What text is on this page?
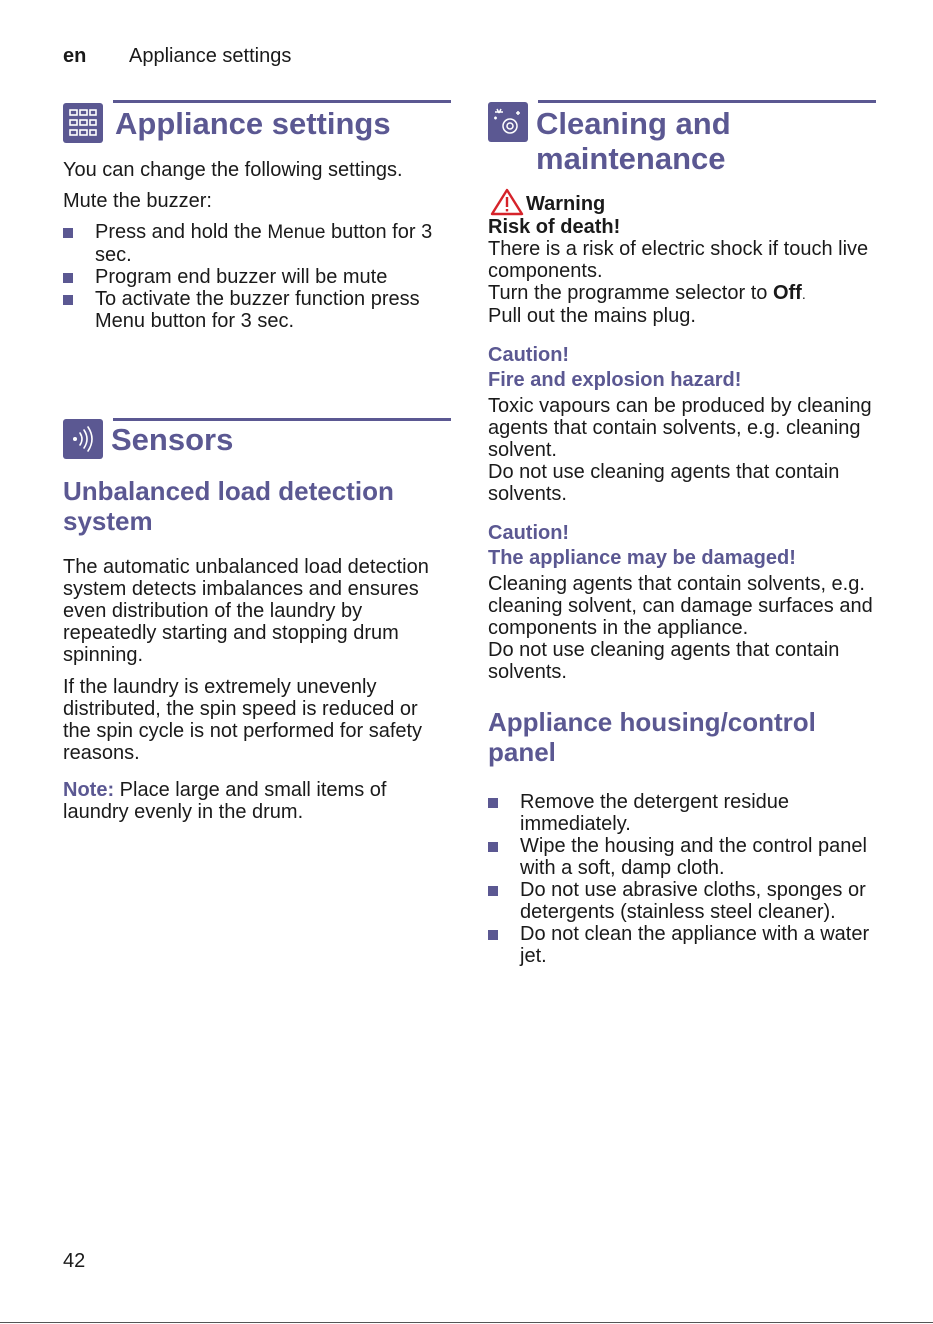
en Appliance settings
Appliance settings

You can change the following settings.

Mute the buzzer:

Press and hold the Menue button for 3 sec.
Program end buzzer will be mute
To activate the buzzer function press Menu button for 3 sec.
Sensors
Unbalanced load detection system

The automatic unbalanced load detection system detects imbalances and ensures even distribution of the laundry by repeatedly starting and stopping drum spinning.

If the laundry is extremely unevenly distributed, the spin speed is reduced or the spin cycle is not performed for safety reasons.

Note: Place large and small items of laundry evenly in the drum.

Cleaning and
maintenance
Warning

Risk of death!

There is a risk of electric shock if touch live components.

Turn the programme selector to Off.

Pull out the mains plug.

Caution!
Fire and explosion hazard!

Toxic vapours can be produced by cleaning agents that contain solvents, e.g. cleaning solvent.

Do not use cleaning agents that contain solvents.

Caution!
The appliance may be damaged!

Cleaning agents that contain solvents, e.g. cleaning solvent, can damage surfaces and components in the appliance.

Do not use cleaning agents that contain solvents.

Appliance housing/control panel
Remove the detergent residue immediately.
Wipe the housing and the control panel with a soft, damp cloth.
Do not use abrasive cloths, sponges or detergents (stainless steel cleaner).
Do not clean the appliance with a water jet.
42
